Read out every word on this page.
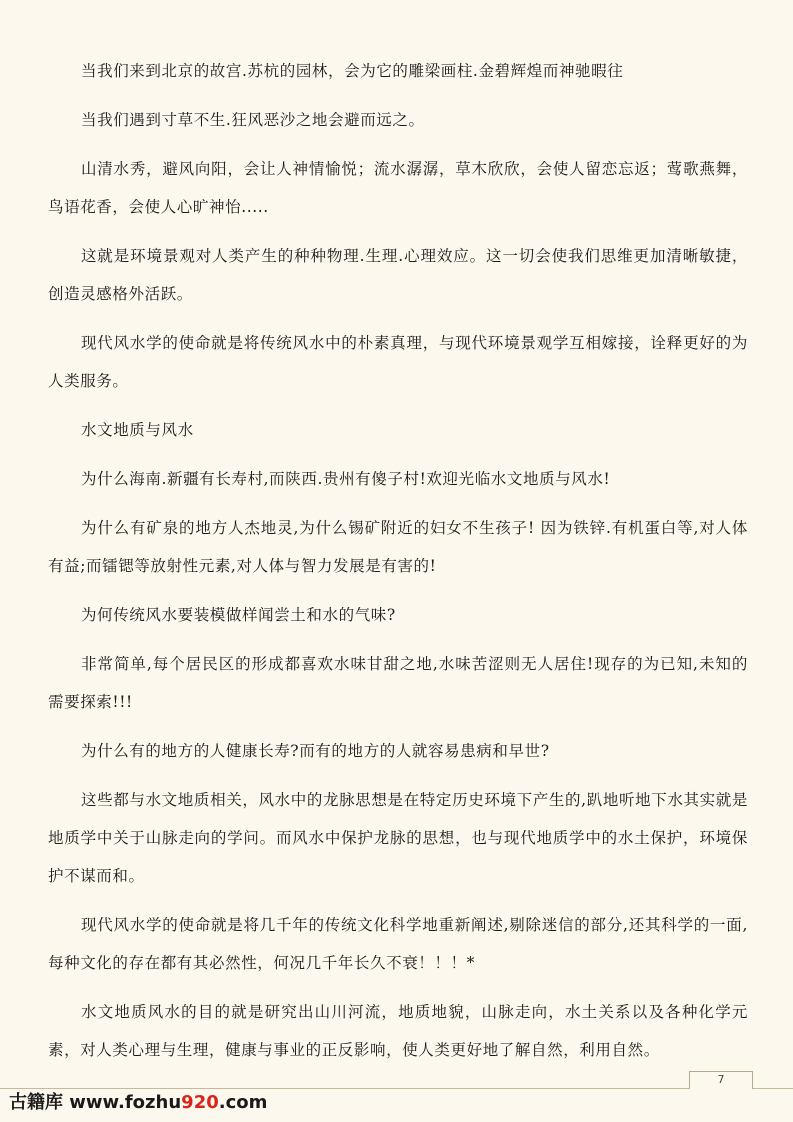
当我们来到北京的故宫.苏杭的园林，会为它的雕梁画柱.金碧辉煌而神驰暇往

当我们遇到寸草不生.狂风恶沙之地会避而远之。

山清水秀，避风向阳，会让人神情愉悦；流水潺潺，草木欣欣，会使人留恋忘返；莺歌燕舞，鸟语花香，会使人心旷神怡.....

这就是环境景观对人类产生的种种物理.生理.心理效应。这一切会使我们思维更加清晰敏捷，创造灵感格外活跃。

现代风水学的使命就是将传统风水中的朴素真理，与现代环境景观学互相嫁接，诠释更好的为人类服务。

水文地质与风水

为什么海南.新疆有长寿村,而陕西.贵州有傻子村!欢迎光临水文地质与风水!

为什么有矿泉的地方人杰地灵,为什么锡矿附近的妇女不生孩子! 因为铁锌.有机蛋白等,对人体有益;而镭锶等放射性元素,对人体与智力发展是有害的!

为何传统风水要装模做样闻尝土和水的气味?

非常简单,每个居民区的形成都喜欢水味甘甜之地,水味苦涩则无人居住!现存的为已知,未知的需要探索!!!

为什么有的地方的人健康长寿?而有的地方的人就容易患病和早世?

这些都与水文地质相关，风水中的龙脉思想是在特定历史环境下产生的,趴地听地下水其实就是地质学中关于山脉走向的学问。而风水中保护龙脉的思想，也与现代地质学中的水土保护，环境保护不谋而和。

现代风水学的使命就是将几千年的传统文化科学地重新阐述,剔除迷信的部分,还其科学的一面,每种文化的存在都有其必然性，何况几千年长久不衰！！！*

水文地质风水的目的就是研究出山川河流，地质地貌，山脉走向，水土关系以及各种化学元素，对人类心理与生理，健康与事业的正反影响，使人类更好地了解自然，利用自然。

7
古籍库 www.fozhu920.com
